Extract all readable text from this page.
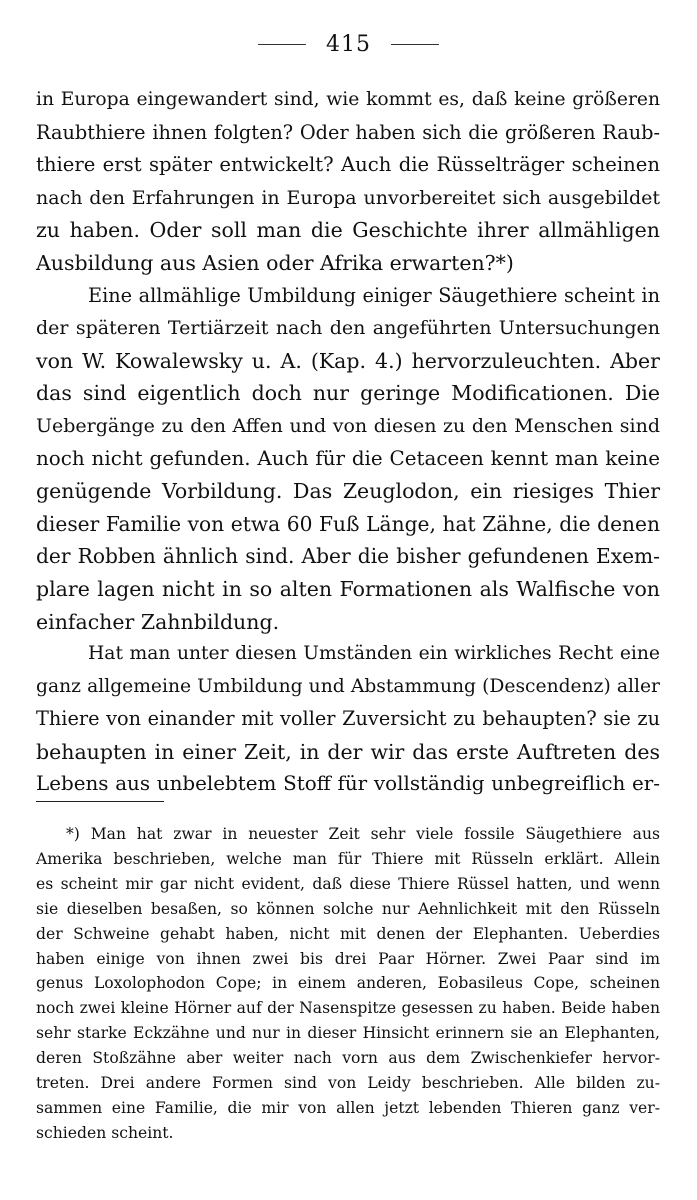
415

in Europa eingewandert sind, wie kommt es, daß keine größeren
Raubthiere ihnen folgten? Oder haben sich die größeren Raub-
thiere erst später entwickelt? Auch die Rüsselträger scheinen
nach den Erfahrungen in Europa unvorbereitet sich ausgebildet
zu haben. Oder soll man die Geschichte ihrer allmähligen
Ausbildung aus Asien oder Afrika erwarten?*)

Eine allmählige Umbildung einiger Säugethiere scheint in
der späteren Tertiärzeit nach den angeführten Untersuchungen
von W. Kowalewsky u. A. (Kap. 4.) hervorzuleuchten. Aber
das sind eigentlich doch nur geringe Modificationen. Die
Uebergänge zu den Affen und von diesen zu den Menschen sind
noch nicht gefunden. Auch für die Cetaceen kennt man keine
genügende Vorbildung. Das Zeuglodon, ein riesiges Thier
dieser Familie von etwa 60 Fuß Länge, hat Zähne, die denen
der Robben ähnlich sind. Aber die bisher gefundenen Exem-
plare lagen nicht in so alten Formationen als Walfische von
einfacher Zahnbildung.

Hat man unter diesen Umständen ein wirkliches Recht eine
ganz allgemeine Umbildung und Abstammung (Descendenz) aller
Thiere von einander mit voller Zuversicht zu behaupten? sie zu
behaupten in einer Zeit, in der wir das erste Auftreten des
Lebens aus unbelebtem Stoff für vollständig unbegreiflich er-

*) Man hat zwar in neuester Zeit sehr viele fossile Säugethiere aus
Amerika beschrieben, welche man für Thiere mit Rüsseln erklärt. Allein
es scheint mir gar nicht evident, daß diese Thiere Rüssel hatten, und wenn
sie dieselben besaßen, so können solche nur Aehnlichkeit mit den Rüsseln
der Schweine gehabt haben, nicht mit denen der Elephanten. Ueberdies
haben einige von ihnen zwei bis drei Paar Hörner. Zwei Paar sind im
genus Loxolophodon Cope; in einem anderen, Eobasileus Cope, scheinen
noch zwei kleine Hörner auf der Nasenspitze gesessen zu haben. Beide haben
sehr starke Eckzähne und nur in dieser Hinsicht erinnern sie an Elephanten,
deren Stoßzähne aber weiter nach vorn aus dem Zwischenkiefer hervor-
treten. Drei andere Formen sind von Leidy beschrieben. Alle bilden zu-
sammen eine Familie, die mir von allen jetzt lebenden Thieren ganz ver-
schieden scheint.
